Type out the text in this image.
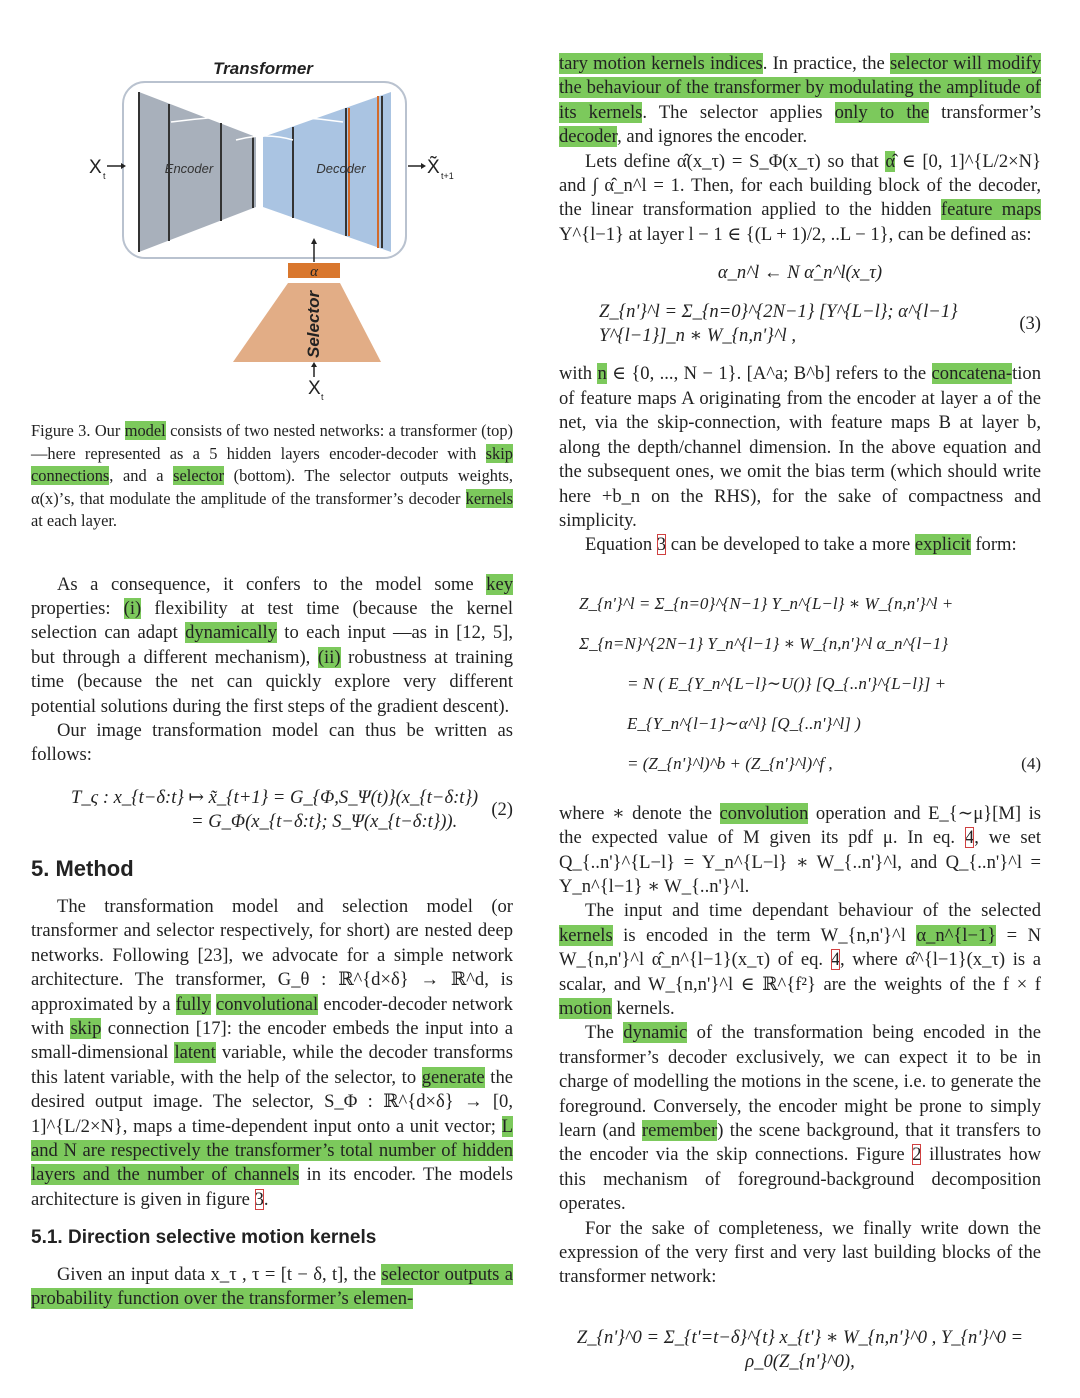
Transformer
Encoder	Decoder
X t	X̃ t+1
α
Selector
X t

Figure 3. Our model consists of two nested networks: a transformer (top) —here represented as a 5 hidden layers encoder-decoder with skip connections, and a selector (bottom). The selector outputs weights, α(x)’s, that modulate the amplitude of the transformer’s decoder kernels at each layer.

As a consequence, it confers to the model some key properties: (i) flexibility at test time (because the kernel selection can adapt dynamically to each input —as in [12, 5], but through a different mechanism), (ii) robustness at training time (because the net can quickly explore very different potential solutions during the first steps of the gradient descent).

Our image transformation model can thus be written as follows:

T_ς : x_{t−δ:t} ↦ x̃_{t+1} = G_{Φ,S_Ψ(t)}(x_{t−δ:t})
= G_Φ(x_{t−δ:t}; S_Ψ(x_{t−δ:t})).
(2)
5. Method

The transformation model and selection model (or transformer and selector respectively, for short) are nested deep networks. Following [23], we advocate for a simple network architecture. The transformer, G_θ : ℝ^{d×δ} → ℝ^d, is approximated by a fully convolutional encoder-decoder network with skip connection [17]: the encoder embeds the input into a small-dimensional latent variable, while the decoder transforms this latent variable, with the help of the selector, to generate the desired output image. The selector, S_Φ : ℝ^{d×δ} → [0, 1]^{L/2×N}, maps a time-dependent input onto a unit vector; L and N are respectively the transformer’s total number of hidden layers and the number of channels in its encoder. The models architecture is given in figure 3.

5.1. Direction selective motion kernels

Given an input data x_τ , τ = [t − δ, t], the selector outputs a probability function over the transformer’s elemen-

tary motion kernels indices. In practice, the selector will modify the behaviour of the transformer by modulating the amplitude of its kernels. The selector applies only to the transformer’s decoder, and ignores the encoder.

Lets define α̂(x_τ) = S_Φ(x_τ) so that α̂ ∈ [0, 1]^{L/2×N} and ∫ α̂_n^l = 1. Then, for each building block of the decoder, the linear transformation applied to the hidden feature maps Y^{l−1} at layer l − 1 ∈ {(L + 1)/2, ..L − 1}, can be defined as:

α_n^l ← N α̂_n^l(x_τ)
Z_{n'}^l = Σ_{n=0}^{2N−1} [Y^{L−l}; α^{l−1} Y^{l−1}]_n ∗ W_{n,n'}^l ,
(3)

with n ∈ {0, ..., N − 1}. [A^a; B^b] refers to the concatena-tion of feature maps A originating from the encoder at layer a of the net, via the skip-connection, with feature maps B at layer b, along the depth/channel dimension. In the above equation and the subsequent ones, we omit the bias term (which should write here +b_n on the RHS), for the sake of compactness and simplicity.

Equation 3 can be developed to take a more explicit form:

Z_{n'}^l = Σ_{n=0}^{N−1} Y_n^{L−l} ∗ W_{n,n'}^l + Σ_{n=N}^{2N−1} Y_n^{l−1} ∗ W_{n,n'}^l α_n^{l−1}
= N ( E_{Y_n^{L−l}∼U()} [Q_{..n'}^{L−l}] + E_{Y_n^{l−1}∼α^l} [Q_{..n'}^l] )
= (Z_{n'}^l)^b + (Z_{n'}^l)^f ,	(4)

where ∗ denote the convolution operation and E_{∼μ}[M] is the expected value of M given its pdf μ. In eq. 4, we set Q_{..n'}^{L−l} = Y_n^{L−l} ∗ W_{..n'}^l, and Q_{..n'}^l = Y_n^{l−1} ∗ W_{..n'}^l.

The input and time dependant behaviour of the selected kernels is encoded in the term W_{n,n'}^l α_n^{l−1} = N W_{n,n'}^l α̂_n^{l−1}(x_τ) of eq. 4, where α̂^{l−1}(x_τ) is a scalar, and W_{n,n'}^l ∈ ℝ^{f²} are the weights of the f × f motion kernels.

The dynamic of the transformation being encoded in the transformer’s decoder exclusively, we can expect it to be in charge of modelling the motions in the scene, i.e. to generate the foreground. Conversely, the encoder might be prone to simply learn (and remember) the scene background, that it transfers to the encoder via the skip connections. Figure 2 illustrates how this mechanism of foreground-background decomposition operates.

For the sake of completeness, we finally write down the expression of the very first and very last building blocks of the transformer network:

Z_{n'}^0 = Σ_{t'=t−δ}^{t} x_{t'} ∗ W_{n,n'}^0 , Y_{n'}^0 = ρ_0(Z_{n'}^0),
